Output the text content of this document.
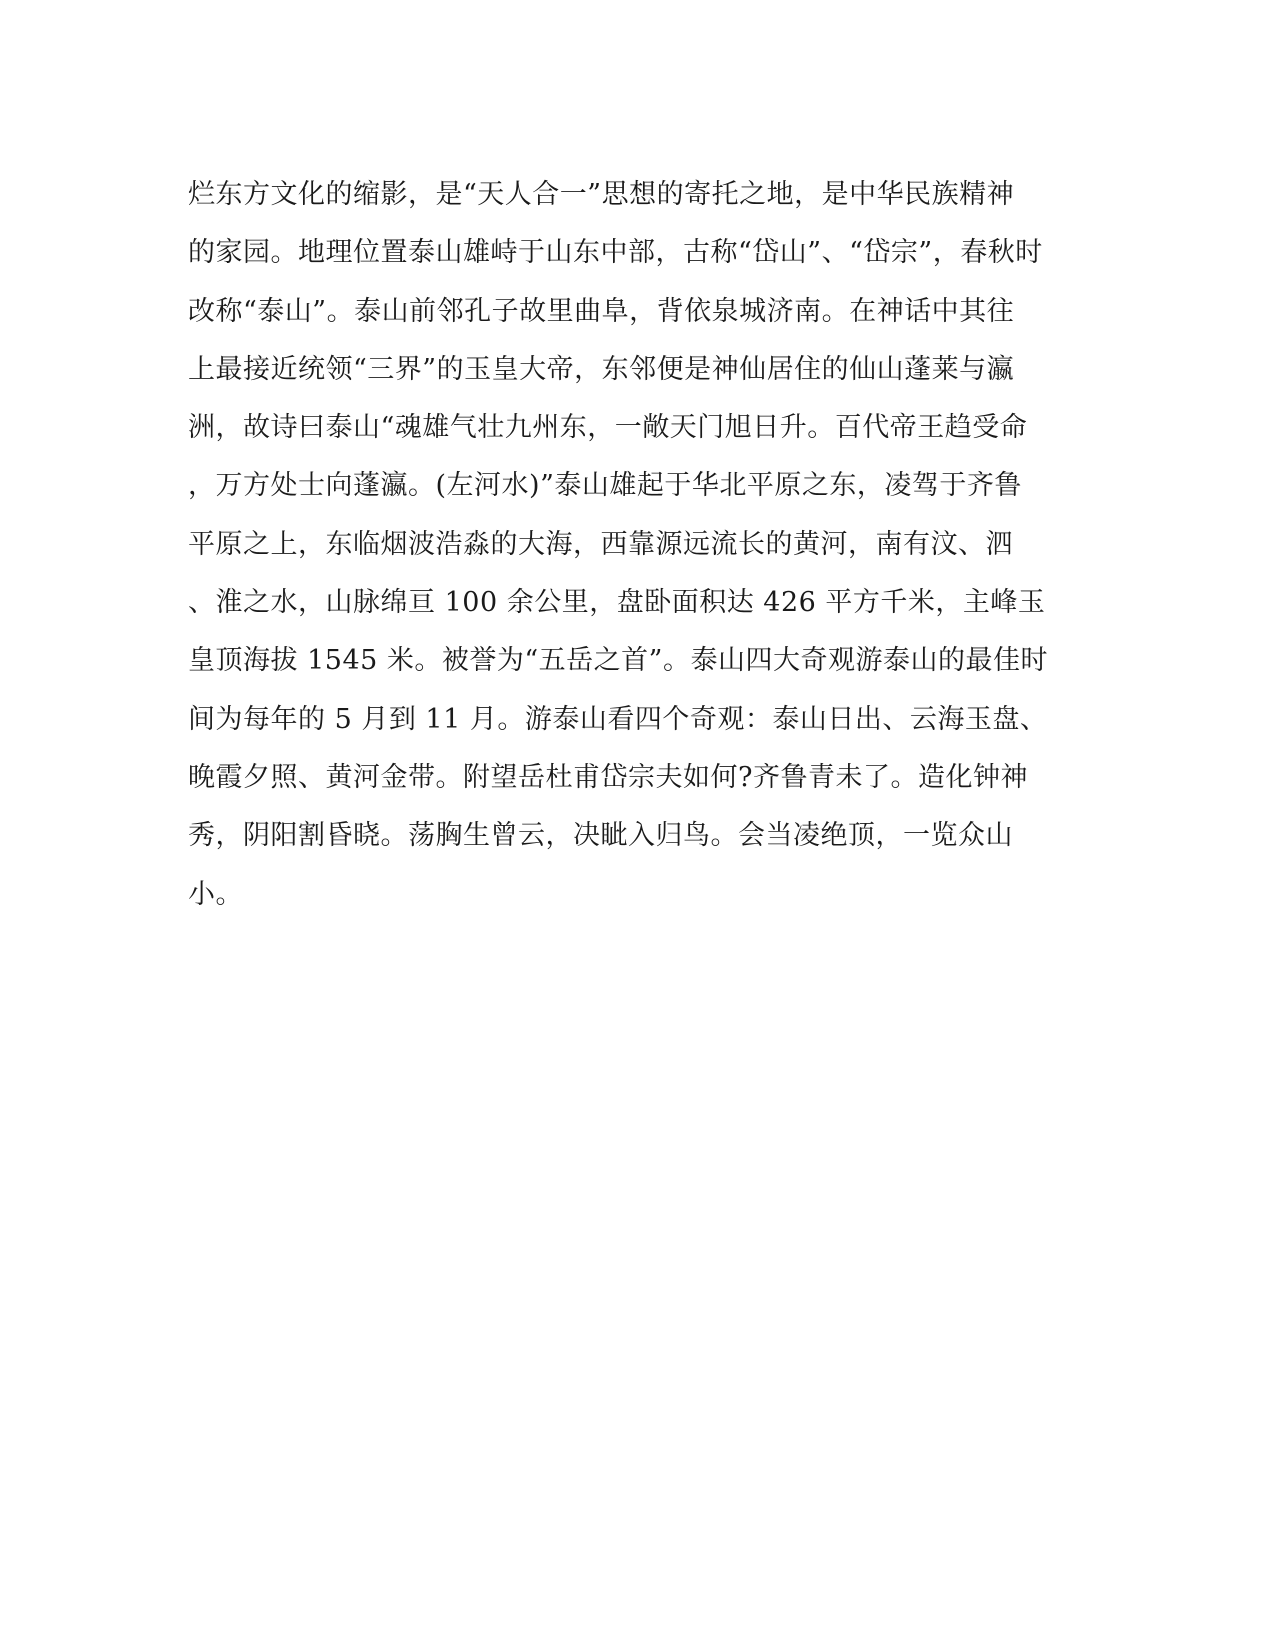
烂东方文化的缩影，是“天人合一”思想的寄托之地，是中华民族精神
的家园。地理位置泰山雄峙于山东中部，古称“岱山”、“岱宗”，春秋时
改称“泰山”。泰山前邻孔子故里曲阜，背依泉城济南。在神话中其往
上最接近统领“三界”的玉皇大帝，东邻便是神仙居住的仙山蓬莱与瀛
洲，故诗曰泰山“魂雄气壮九州东，一敞天门旭日升。百代帝王趋受命
，万方处士向蓬瀛。(左河水)”泰山雄起于华北平原之东，凌驾于齐鲁
平原之上，东临烟波浩淼的大海，西靠源远流长的黄河，南有汶、泗
、淮之水，山脉绵亘 100 余公里，盘卧面积达 426 平方千米，主峰玉
皇顶海拔 1545 米。被誉为“五岳之首”。泰山四大奇观游泰山的最佳时
间为每年的 5 月到 11 月。游泰山看四个奇观：泰山日出、云海玉盘、
晚霞夕照、黄河金带。附望岳杜甫岱宗夫如何?齐鲁青未了。造化钟神
秀，阴阳割昏晓。荡胸生曾云，决眦入归鸟。会当凌绝顶，一览众山
小。
